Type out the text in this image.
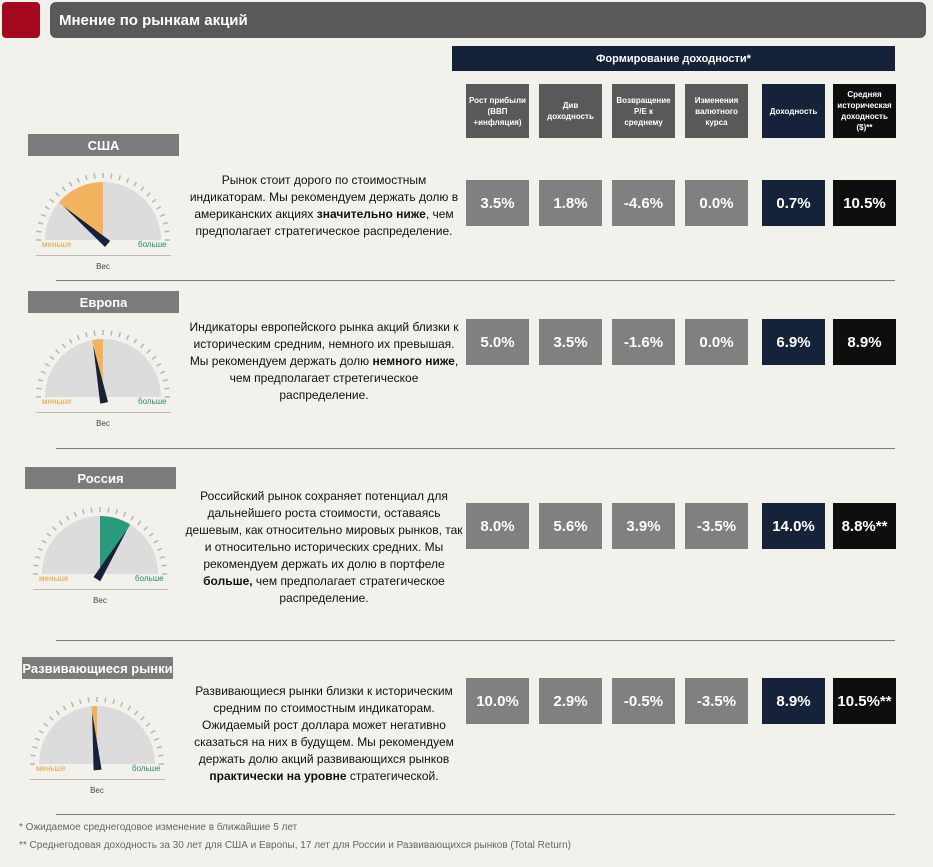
Мнение по рынкам акций
Формирование доходности*
Рост прибыли (ВВП +инфляция)
Див доходность
Возвращение P/E к среднему
Изменения валютного курса
Доходность
Средняя историческая доходность ($)**
США
меньше	больше
Вес
Рынок стоит дорого по стоимостным индикаторам. Мы рекомендуем держать долю в американских акциях значительно ниже, чем предполагает стратегическое распределение.
3.5%	1.8%	-4.6%	0.0%	0.7%	10.5%
Европа
меньше	больше
Вес
Индикаторы европейского рынка акций близки к историческим средним, немного их превышая. Мы рекомендуем держать долю немного ниже, чем предполагает стретегическое распределение.
5.0%	3.5%	-1.6%	0.0%	6.9%	8.9%
Россия
меньше	больше
Вес
Российский рынок сохраняет потенциал для дальнейшего роста стоимости, оставаясь дешевым, как относительно мировых рынков, так и относительно исторических средних. Мы рекомендуем держать их долю в портфеле больше, чем предполагает стратегическое распределение.
8.0%	5.6%	3.9%	-3.5%	14.0%	8.8%**
Развивающиеся рынки
меньше	больше
Вес
Развивающиеся рынки близки к историческим средним по стоимостным индикаторам. Ожидаемый рост доллара может негативно сказаться на них в будущем. Мы рекомендуем держать долю акций развивающихся рынков практически на уровне стратегической.
10.0%	2.9%	-0.5%	-3.5%	8.9%	10.5%**
* Ожидаемое среднегодовое изменение в ближайшие 5 лет
** Среднегодовая доходность за 30 лет для США и Европы, 17 лет для России и Развивающихся рынков (Total Return)
